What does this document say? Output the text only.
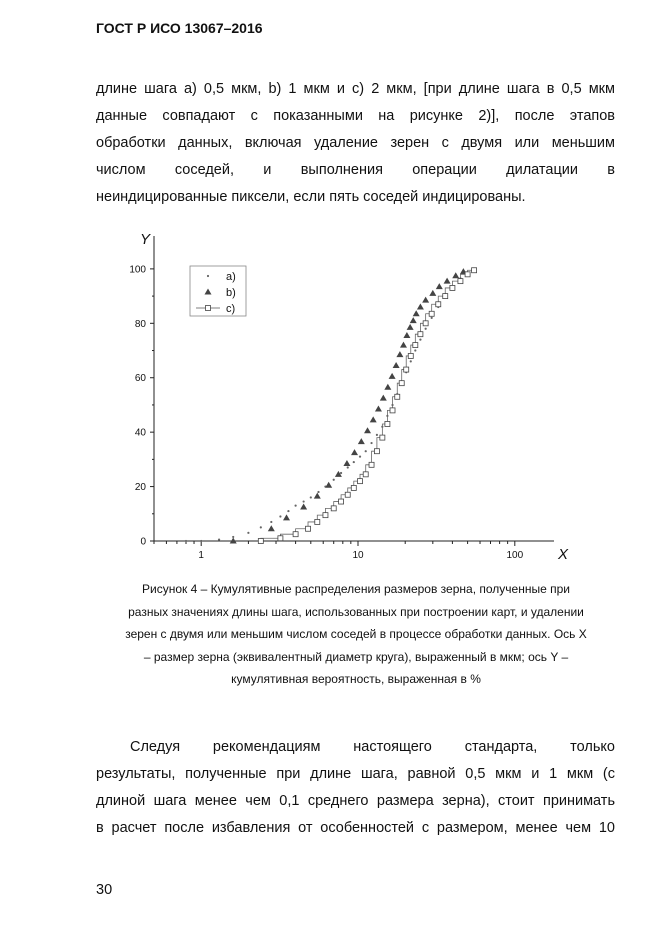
ГОСТ Р ИСО 13067–2016

длине шага a) 0,5 мкм, b) 1 мкм и c) 2 мкм, [при длине шага в 0,5 мкм
данные совпадают с показанными на рисунке 2)], после этапов
обработки данных, включая удаление зерен с двумя или меньшим
числом соседей, и выполнения операции дилатации в
неиндицированные пиксели, если пять соседей индицированы.

0
20
40
60
80
100
1	10	100
Y
X
a)
b)
c)

Рисунок 4 – Кумулятивные распределения размеров зерна, полученные при
разных значениях длины шага, использованных при построении карт, и удалении
зерен с двумя или меньшим числом соседей в процессе обработки данных. Ось X
– размер зерна (эквивалентный диаметр круга), выраженный в мкм; ось Y –
кумулятивная вероятность, выраженная в %

Следуя рекомендациям настоящего стандарта, только
результаты, полученные при длине шага, равной 0,5 мкм и 1 мкм (с
длиной шага менее чем 0,1 среднего размера зерна), стоит принимать
в расчет после избавления от особенностей с размером, менее чем 10

30
